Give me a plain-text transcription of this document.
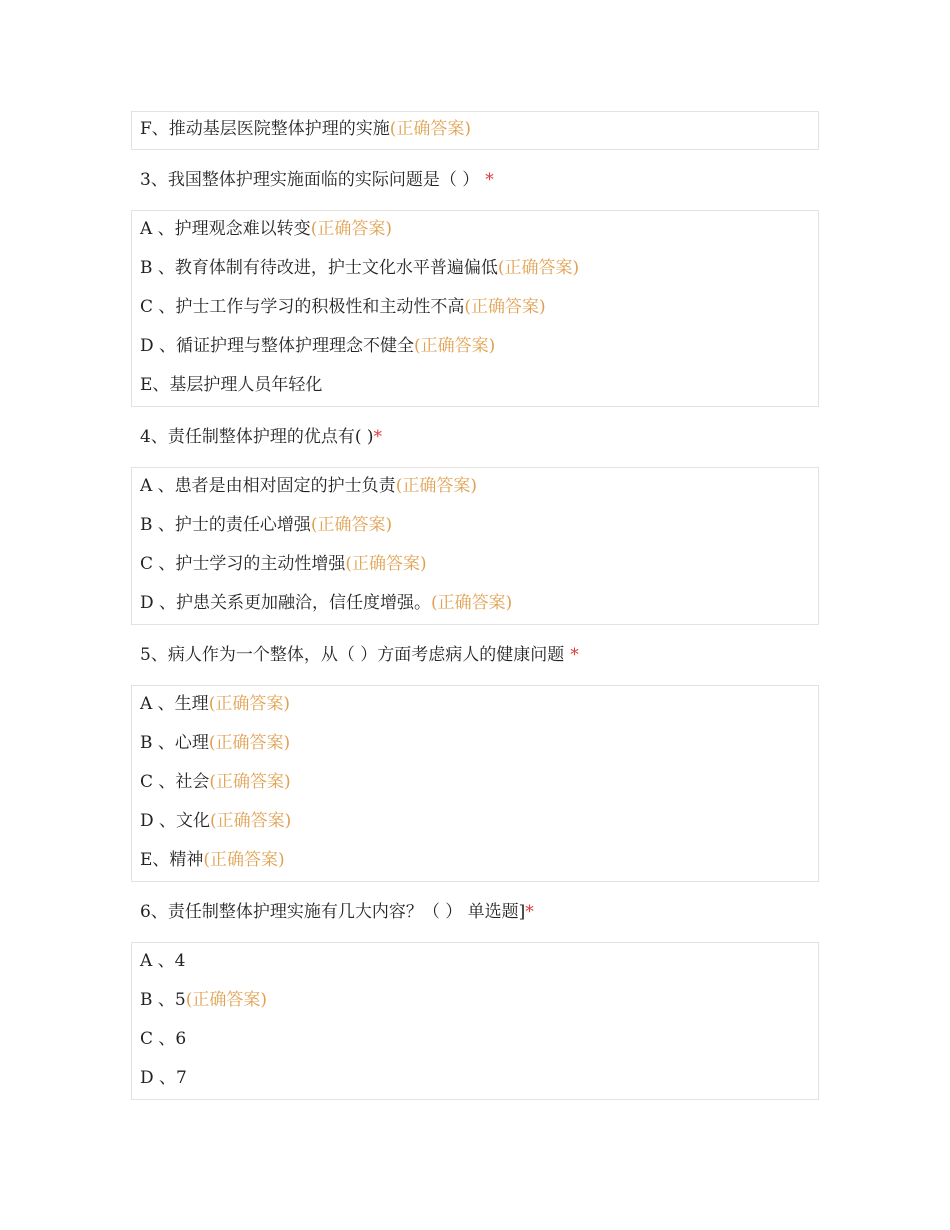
F、推动基层医院整体护理的实施(正确答案)
3、我国整体护理实施面临的实际问题是（ ） *
A 、护理观念难以转变(正确答案)
B 、教育体制有待改进，护士文化水平普遍偏低(正确答案)
C 、护士工作与学习的积极性和主动性不高(正确答案)
D 、循证护理与整体护理理念不健全(正确答案)
E、基层护理人员年轻化
4、责任制整体护理的优点有( )*
A 、患者是由相对固定的护士负责(正确答案)
B 、护士的责任心增强(正确答案)
C 、护士学习的主动性增强(正确答案)
D 、护患关系更加融洽，信任度增强。(正确答案)
5、病人作为一个整体，从（ ）方面考虑病人的健康问题 *
A 、生理(正确答案)
B 、心理(正确答案)
C 、社会(正确答案)
D 、文化(正确答案)
E、精神(正确答案)
6、责任制整体护理实施有几大内容？（ ） 单选题]*
A 、4
B 、5(正确答案)
C 、6
D 、7
